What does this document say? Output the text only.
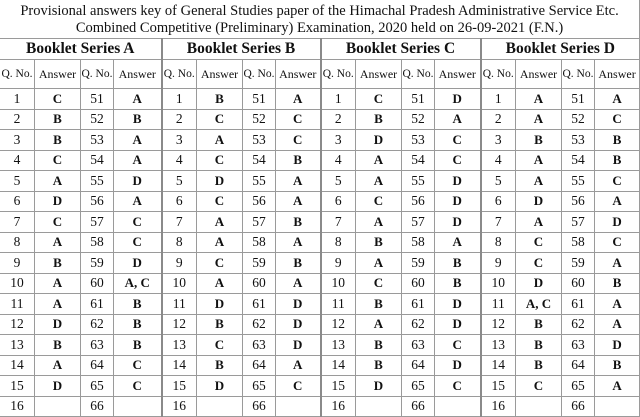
Provisional answers key of General Studies paper of the Himachal Pradesh Administrative Service Etc. Combined Competitive (Preliminary) Examination, 2020 held on 26-09-2021 (F.N.)
Booklet Series A	Booklet Series B	Booklet Series C	Booklet Series D
Q. No.	Answer	Q. No.	Answer	Q. No.	Answer	Q. No.	Answer	Q. No.	Answer	Q. No.	Answer	Q. No.	Answer	Q. No.	Answer
1	C	51	A	1	B	51	A	1	C	51	D	1	A	51	A
2	B	52	B	2	C	52	C	2	B	52	A	2	A	52	C
3	B	53	A	3	A	53	C	3	D	53	C	3	B	53	B
4	C	54	A	4	C	54	B	4	A	54	C	4	A	54	B
5	A	55	D	5	D	55	A	5	A	55	D	5	A	55	C
6	D	56	A	6	C	56	A	6	C	56	D	6	D	56	A
7	C	57	C	7	A	57	B	7	A	57	D	7	A	57	D
8	A	58	C	8	A	58	A	8	B	58	A	8	C	58	C
9	B	59	D	9	C	59	B	9	A	59	B	9	C	59	A
10	A	60	A, C	10	A	60	A	10	C	60	B	10	D	60	B
11	A	61	B	11	D	61	D	11	B	61	D	11	A, C	61	A
12	D	62	B	12	B	62	D	12	A	62	D	12	B	62	A
13	B	63	B	13	C	63	D	13	B	63	C	13	B	63	D
14	A	64	C	14	B	64	A	14	B	64	D	14	B	64	B
15	D	65	C	15	D	65	C	15	D	65	C	15	C	65	A
16		66		16		66		16		66		16		66	
